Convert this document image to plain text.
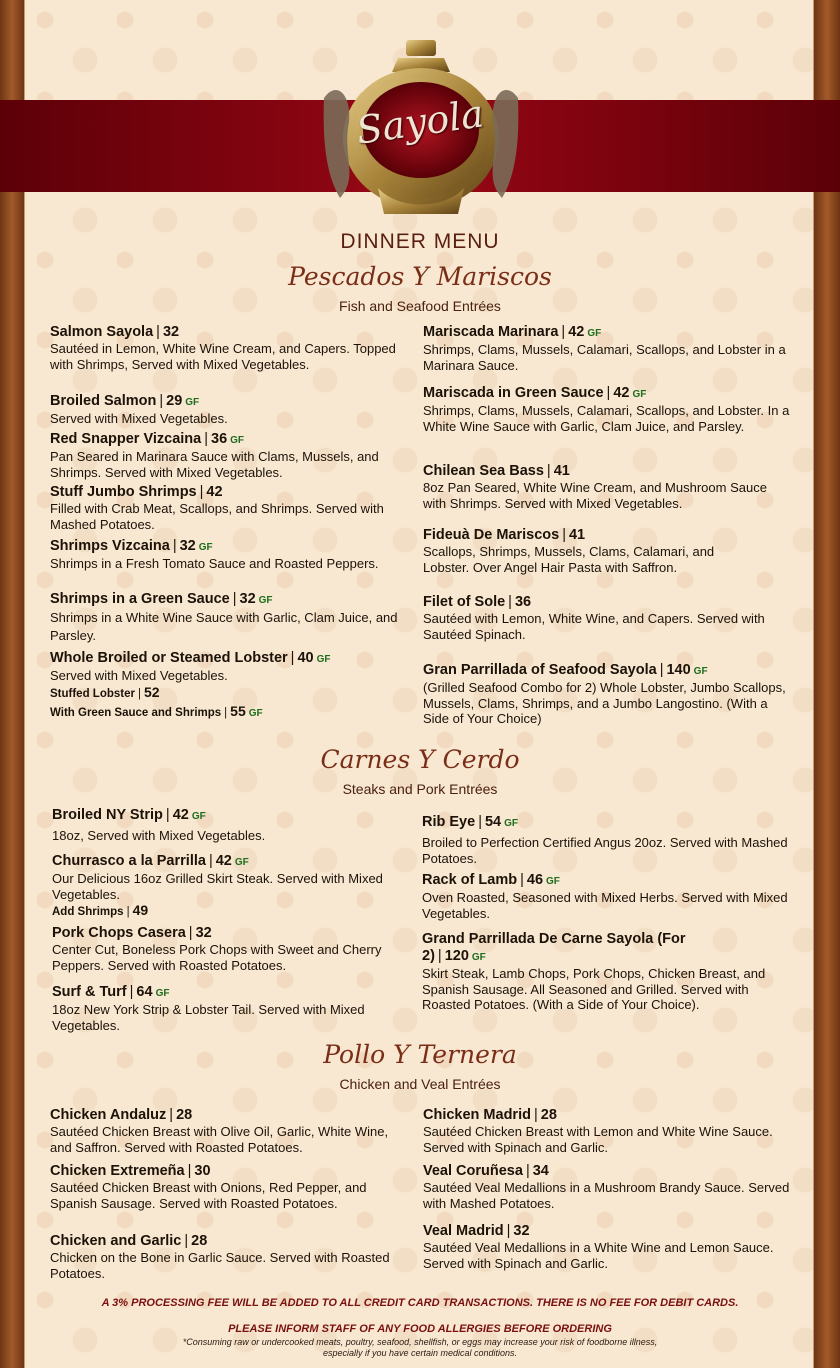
Sayola
DINNER MENU
Pescados Y Mariscos
Fish and Seafood Entrées
Carnes Y Cerdo
Steaks and Pork Entrées
Pollo Y Ternera
Chicken and Veal Entrées
Salmon Sayola | 32
Sautéed in Lemon, White Wine Cream, and Capers. Topped with Shrimps, Served with Mixed Vegetables.
Broiled Salmon | 29 GF
Served with Mixed Vegetables.
Red Snapper Vizcaina | 36 GF
Pan Seared in Marinara Sauce with Clams, Mussels, and Shrimps. Served with Mixed Vegetables.
Stuff Jumbo Shrimps | 42
Filled with Crab Meat, Scallops, and Shrimps. Served with Mashed Potatoes.
Shrimps Vizcaina | 32 GF
Shrimps in a Fresh Tomato Sauce and Roasted Peppers.
Shrimps in a Green Sauce | 32 GF
Shrimps in a White Wine Sauce with Garlic, Clam Juice, and Parsley.
Whole Broiled or Steamed Lobster | 40 GF
Served with Mixed Vegetables.
Stuffed Lobster | 52
With Green Sauce and Shrimps | 55 GF
Mariscada Marinara | 42 GF
Shrimps, Clams, Mussels, Calamari, Scallops, and Lobster in a Marinara Sauce.
Mariscada in Green Sauce | 42 GF
Shrimps, Clams, Mussels, Calamari, Scallops, and Lobster. In a White Wine Sauce with Garlic, Clam Juice, and Parsley.
Chilean Sea Bass | 41
8oz Pan Seared, White Wine Cream, and Mushroom Sauce with Shrimps. Served with Mixed Vegetables.
Fideuà De Mariscos | 41
Scallops, Shrimps, Mussels, Clams, Calamari, and Lobster. Over Angel Hair Pasta with Saffron.
Filet of Sole | 36
Sautéed with Lemon, White Wine, and Capers. Served with Sautéed Spinach.
Gran Parrillada of Seafood Sayola | 140 GF
(Grilled Seafood Combo for 2) Whole Lobster, Jumbo Scallops, Mussels, Clams, Shrimps, and a Jumbo Langostino. (With a Side of Your Choice)
Broiled NY Strip | 42 GF
18oz, Served with Mixed Vegetables.
Churrasco a la Parrilla | 42 GF
Our Delicious 16oz Grilled Skirt Steak. Served with Mixed Vegetables.
Add Shrimps | 49
Pork Chops Casera | 32
Center Cut, Boneless Pork Chops with Sweet and Cherry Peppers. Served with Roasted Potatoes.
Surf & Turf | 64 GF
18oz New York Strip & Lobster Tail. Served with Mixed Vegetables.
Rib Eye | 54 GF
Broiled to Perfection Certified Angus 20oz. Served with Mashed Potatoes.
Rack of Lamb | 46 GF
Oven Roasted, Seasoned with Mixed Herbs. Served with Mixed Vegetables.
Grand Parrillada De Carne Sayola (For 2) | 120 GF
Skirt Steak, Lamb Chops, Pork Chops, Chicken Breast, and Spanish Sausage. All Seasoned and Grilled. Served with Roasted Potatoes. (With a Side of Your Choice).
Chicken Andaluz | 28
Sautéed Chicken Breast with Olive Oil, Garlic, White Wine, and Saffron. Served with Roasted Potatoes.
Chicken Extremeña | 30
Sautéed Chicken Breast with Onions, Red Pepper, and Spanish Sausage. Served with Roasted Potatoes.
Chicken and Garlic | 28
Chicken on the Bone in Garlic Sauce. Served with Roasted Potatoes.
Chicken Madrid | 28
Sautéed Chicken Breast with Lemon and White Wine Sauce. Served with Spinach and Garlic.
Veal Coruñesa | 34
Sautéed Veal Medallions in a Mushroom Brandy Sauce. Served with Mashed Potatoes.
Veal Madrid | 32
Sautéed Veal Medallions in a White Wine and Lemon Sauce. Served with Spinach and Garlic.
A 3% PROCESSING FEE WILL BE ADDED TO ALL CREDIT CARD TRANSACTIONS. THERE IS NO FEE FOR DEBIT CARDS.
PLEASE INFORM STAFF OF ANY FOOD ALLERGIES BEFORE ORDERING
*Consuming raw or undercooked meats, poultry, seafood, shellfish, or eggs may increase your risk of foodborne illness, especially if you have certain medical conditions.
